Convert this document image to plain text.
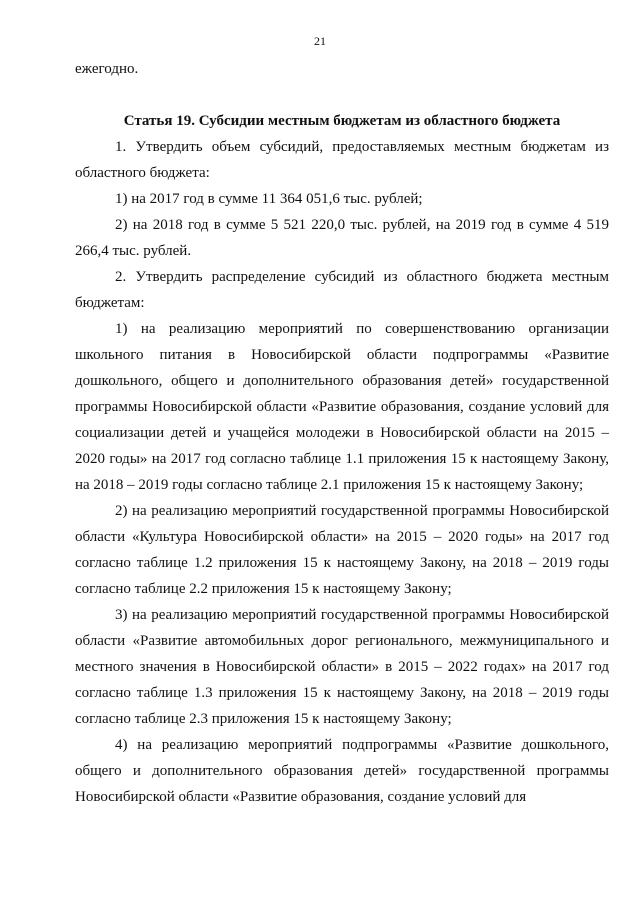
21

ежегодно.

Статья 19. Субсидии местным бюджетам из областного бюджета

1. Утвердить объем субсидий, предоставляемых местным бюджетам из областного бюджета:

1) на 2017 год в сумме 11 364 051,6 тыс. рублей;

2) на 2018 год в сумме 5 521 220,0 тыс. рублей, на 2019 год в сумме 4 519 266,4 тыс. рублей.

2. Утвердить распределение субсидий из областного бюджета местным бюджетам:

1) на реализацию мероприятий по совершенствованию организации школьного питания в Новосибирской области подпрограммы «Развитие дошкольного, общего и дополнительного образования детей» государственной программы Новосибирской области «Развитие образования, создание условий для социализации детей и учащейся молодежи в Новосибирской области на 2015 – 2020 годы» на 2017 год согласно таблице 1.1 приложения 15 к настоящему Закону, на 2018 – 2019 годы согласно таблице 2.1 приложения 15 к настоящему Закону;

2) на реализацию мероприятий государственной программы Новосибирской области «Культура Новосибирской области» на 2015 – 2020 годы» на 2017 год согласно таблице 1.2 приложения 15 к настоящему Закону, на 2018 – 2019 годы согласно таблице 2.2 приложения 15 к настоящему Закону;

3) на реализацию мероприятий государственной программы Новосибирской области «Развитие автомобильных дорог регионального, межмуниципального и местного значения в Новосибирской области» в 2015 – 2022 годах» на 2017 год согласно таблице 1.3 приложения 15 к настоящему Закону, на 2018 – 2019 годы согласно таблице 2.3 приложения 15 к настоящему Закону;

4) на реализацию мероприятий подпрограммы «Развитие дошкольного, общего и дополнительного образования детей» государственной программы Новосибирской области «Развитие образования, создание условий для
